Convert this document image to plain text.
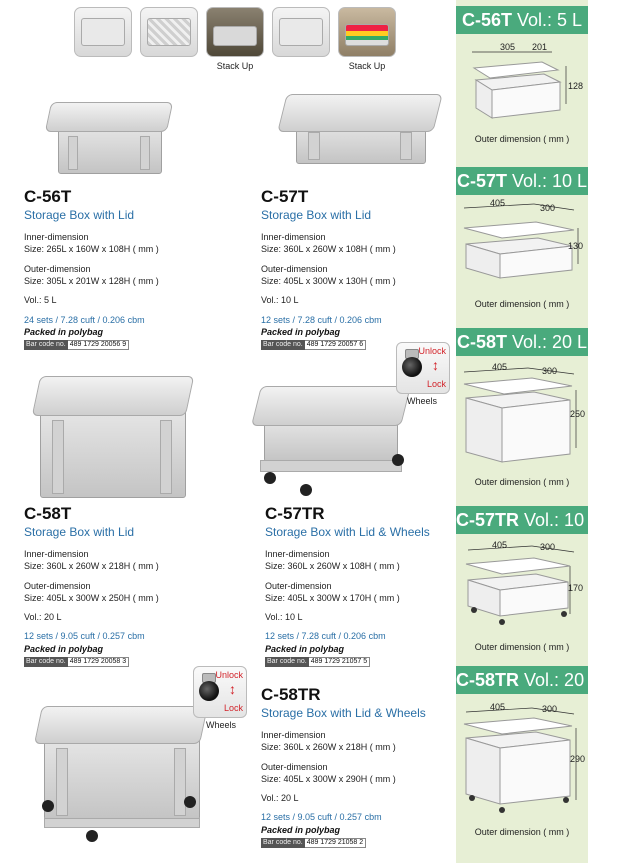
Stack Up	Stack Up
Unlock
↕
Lock
Wheels
Unlock
↕
Lock
Wheels
C-56T
Storage Box with Lid
Inner-dimension
Size: 265L x 160W x 108H ( mm )
Outer-dimension
Size: 305L x 201W x 128H ( mm )
Vol.: 5 L
24 sets / 7.28 cuft / 0.206 cbm
Packed in polybag
Bar code no. 489 1729 20056 9
C-57T
Storage Box with Lid
Inner-dimension
Size: 360L x 260W x 108H ( mm )
Outer-dimension
Size: 405L x 300W x 130H ( mm )
Vol.: 10 L
12 sets / 7.28 cuft / 0.206 cbm
Packed in polybag
Bar code no. 489 1729 20057 6
C-58T
Storage Box with Lid
Inner-dimension
Size: 360L x 260W x 218H ( mm )
Outer-dimension
Size: 405L x 300W x 250H ( mm )
Vol.: 20 L
12 sets / 9.05 cuft / 0.257 cbm
Packed in polybag
Bar code no. 489 1729 20058 3
C-57TR
Storage Box with Lid & Wheels
Inner-dimension
Size: 360L x 260W x 108H ( mm )
Outer-dimension
Size: 405L x 300W x 170H ( mm )
Vol.: 10 L
12 sets / 7.28 cuft / 0.206 cbm
Packed in polybag
Bar code no. 489 1729 21057 5
C-58TR
Storage Box with Lid & Wheels
Inner-dimension
Size: 360L x 260W x 218H ( mm )
Outer-dimension
Size: 405L x 300W x 290H ( mm )
Vol.: 20 L
12 sets / 9.05 cuft / 0.257 cbm
Packed in polybag
Bar code no. 489 1729 21058 2
C-56T Vol.: 5 L
305 201
128
Outer dimension ( mm )
C-57T Vol.: 10 L
405	300
130
Outer dimension ( mm )
C-58T Vol.: 20 L
405	300
250
Outer dimension ( mm )
C-57TR Vol.: 10 L
405	300
170
Outer dimension ( mm )
C-58TR Vol.: 20 L
405	300
290
Outer dimension ( mm )
